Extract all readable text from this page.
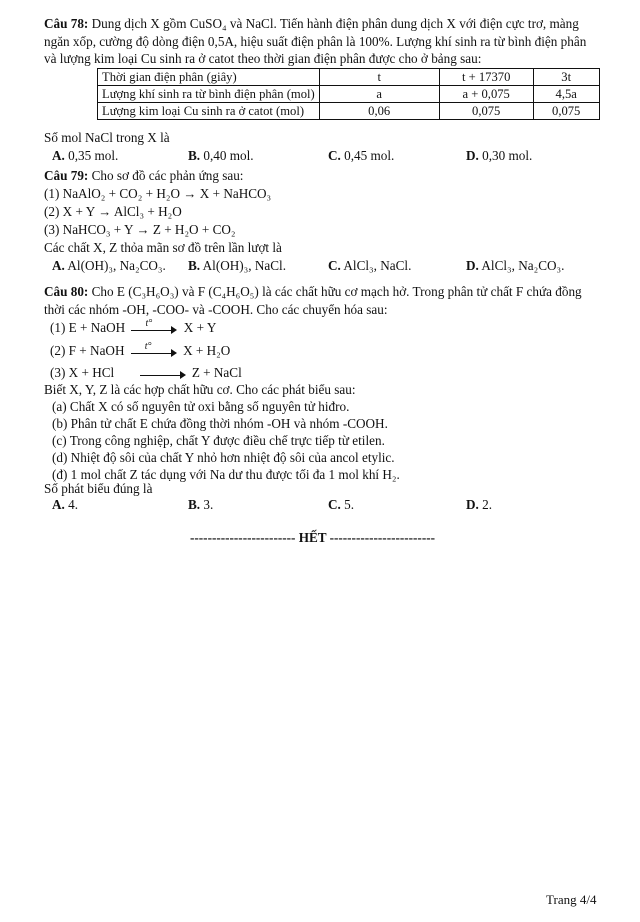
Câu 78: Dung dịch X gồm CuSO₄ và NaCl. Tiến hành điện phân dung dịch X với điện cực trơ, màng
ngăn xốp, cường độ dòng điện 0,5A, hiệu suất điện phân là 100%. Lượng khí sinh ra từ bình điện phân
và lượng kim loại Cu sinh ra ở catot theo thời gian điện phân được cho ở bảng sau:
Thời gian điện phân (giây)	t	t + 17370	3t
Lượng khí sinh ra từ bình điện phân (mol)	a	a + 0,075	4,5a
Lượng kim loại Cu sinh ra ở catot (mol)	0,06	0,075	0,075
Số mol NaCl trong X là
A. 0,35 mol.	B. 0,40 mol.	C. 0,45 mol.	D. 0,30 mol.
Câu 79: Cho sơ đồ các phản ứng sau:
(1) NaAlO₂ + CO₂ + H₂O → X + NaHCO₃
(2) X + Y → AlCl₃ + H₂O
(3) NaHCO₃ + Y → Z + H₂O + CO₂
Các chất X, Z thỏa mãn sơ đồ trên lần lượt là
A. Al(OH)₃, Na₂CO₃. B. Al(OH)₃, NaCl.	C. AlCl₃, NaCl.	D. AlCl₃, Na₂CO₃.
Câu 80: Cho E (C₃H₆O₃) và F (C₄H₆O₅) là các chất hữu cơ mạch hở. Trong phân tử chất F chứa đồng
thời các nhóm -OH, -COO- và -COOH. Cho các chuyển hóa sau:
(1) E + NaOH t° X + Y
(2) F + NaOH t° X + H₂O
(3) X + HCl	Z + NaCl
Biết X, Y, Z là các hợp chất hữu cơ. Cho các phát biểu sau:
(a) Chất X có số nguyên tử oxi bằng số nguyên tử hiđro.
(b) Phân tử chất E chứa đồng thời nhóm -OH và nhóm -COOH.
(c) Trong công nghiệp, chất Y được điều chế trực tiếp từ etilen.
(d) Nhiệt độ sôi của chất Y nhỏ hơn nhiệt độ sôi của ancol etylic.
(đ) 1 mol chất Z tác dụng với Na dư thu được tối đa 1 mol khí H₂.
Số phát biểu đúng là
A. 4.	B. 3.	C. 5.	D. 2.
------------------------ HẾT ------------------------
Trang 4/4
